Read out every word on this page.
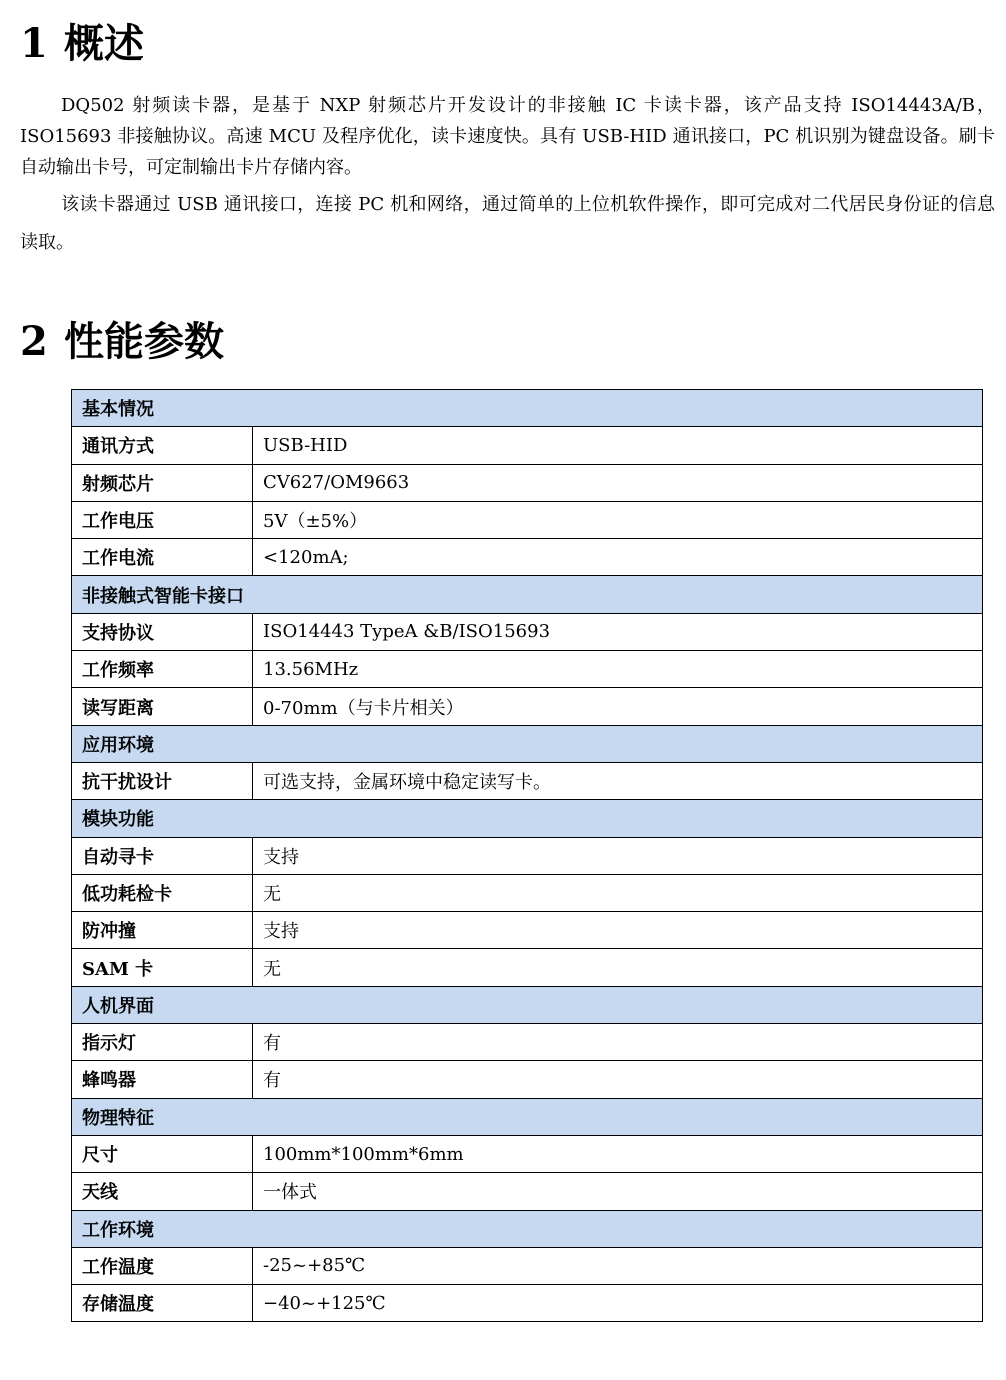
1 概述

DQ502 射频读卡器，是基于 NXP 射频芯片开发设计的非接触 IC 卡读卡器，该产品支持 ISO14443A/B，ISO15693 非接触协议。高速 MCU 及程序优化，读卡速度快。具有 USB-HID 通讯接口，PC 机识别为键盘设备。刷卡自动输出卡号，可定制输出卡片存储内容。

该读卡器通过 USB 通讯接口，连接 PC 机和网络，通过简单的上位机软件操作，即可完成对二代居民身份证的信息读取。

2 性能参数
基本情况	
通讯方式	USB-HID
射频芯片	CV627/OM9663
工作电压	5V（±5%）
工作电流	<120mA;
非接触式智能卡接口	
支持协议	ISO14443 TypeA &B/ISO15693
工作频率	13.56MHz
读写距离	0-70mm（与卡片相关）
应用环境	
抗干扰设计	可选支持，金属环境中稳定读写卡。
模块功能	
自动寻卡	支持
低功耗检卡	无
防冲撞	支持
SAM 卡	无
人机界面	
指示灯	有
蜂鸣器	有
物理特征	
尺寸	100mm*100mm*6mm
天线	一体式
工作环境	
工作温度	-25~+85℃
存储温度	−40~+125℃
